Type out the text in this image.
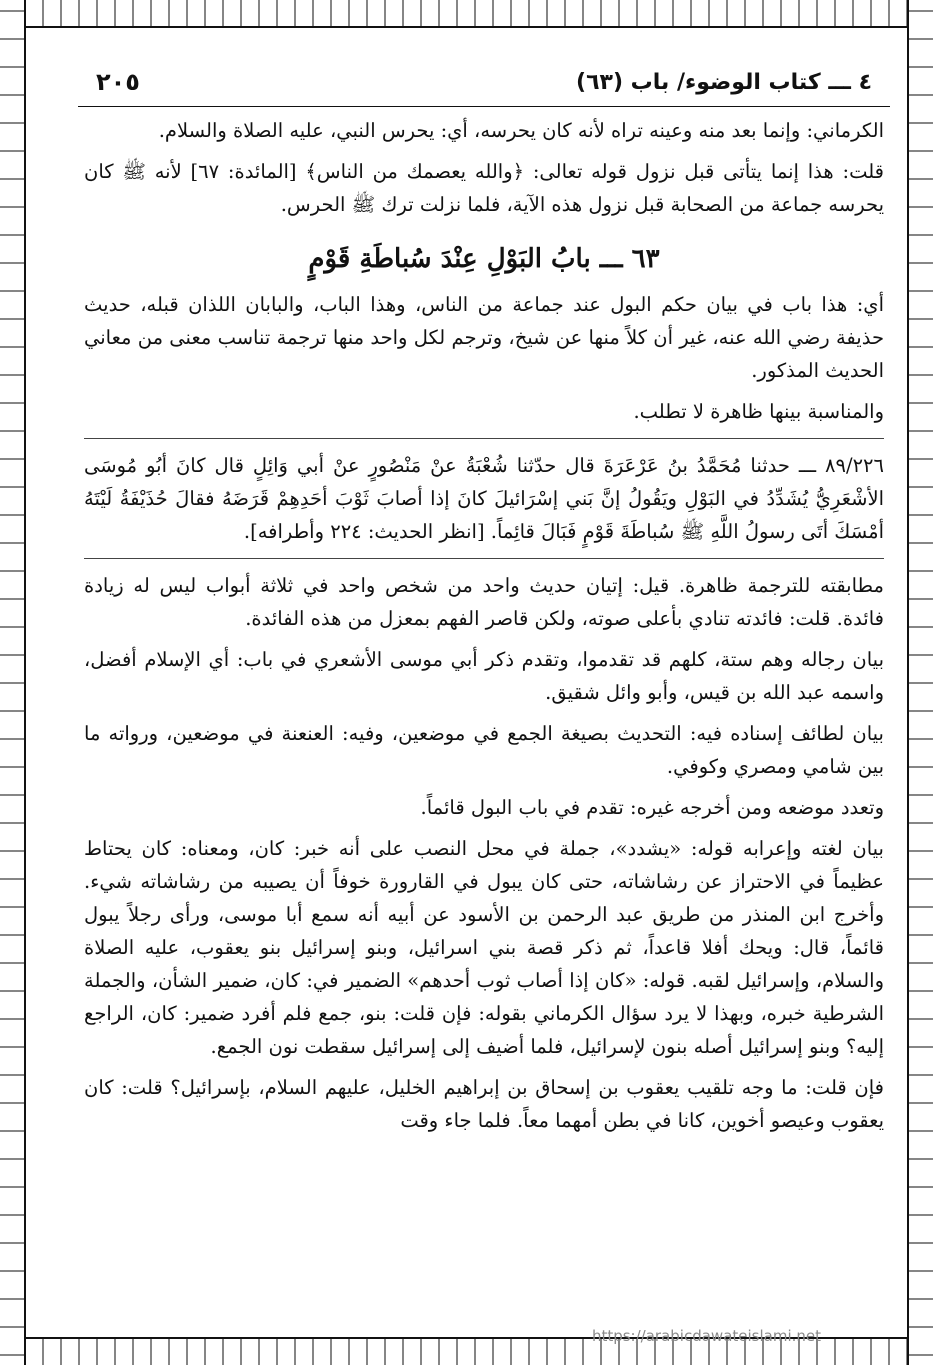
٢٠٥	٤ ـــ كتاب الوضوء/ باب (٦٣)

الكرماني: وإنما بعد منه وعينه تراه لأنه كان يحرسه، أي: يحرس النبي، عليه الصلاة والسلام.

قلت: هذا إنما يتأتى قبل نزول قوله تعالى: ﴿والله يعصمك من الناس﴾ [المائدة: ٦٧] لأنه ﷺ كان يحرسه جماعة من الصحابة قبل نزول هذه الآية، فلما نزلت ترك ﷺ الحرس.

٦٣ ـــ بابُ البَوْلِ عِنْدَ سُباطَةِ قَوْمٍ

أي: هذا باب في بيان حكم البول عند جماعة من الناس، وهذا الباب، والبابان اللذان قبله، حديث حذيفة رضي الله عنه، غير أن كلاً منها عن شيخ، وترجم لكل واحد منها ترجمة تناسب معنى من معاني الحديث المذكور.

والمناسبة بينها ظاهرة لا تطلب.

٨٩/٢٢٦ ـــ حدثنا مُحَمَّدُ بنُ عَرْعَرَةَ قال حدّثنا شُعْبَةُ عنْ مَنْصُورٍ عنْ أبي وَائِلٍ قال كانَ أبُو مُوسَى الأشْعَرِيُّ يُشَدِّدُ في البَوْلِ ويَقُولُ إنَّ بَني إسْرَائيلَ كانَ إذا أصابَ ثَوْبَ أحَدِهِمْ قَرَضَهُ فقالَ حُذَيْفَةُ لَيْتَهُ أمْسَكَ أتَى رسولُ اللَّهِ ﷺ سُباطَةَ قَوْمٍ فَبَالَ قائِماً. [انظر الحديث: ٢٢٤ وأطرافه].

مطابقته للترجمة ظاهرة. قيل: إتيان حديث واحد من شخص واحد في ثلاثة أبواب ليس له زيادة فائدة. قلت: فائدته تنادي بأعلى صوته، ولكن قاصر الفهم بمعزل من هذه الفائدة.

بيان رجاله وهم ستة، كلهم قد تقدموا، وتقدم ذكر أبي موسى الأشعري في باب: أي الإسلام أفضل، واسمه عبد الله بن قيس، وأبو وائل شقيق.

بيان لطائف إسناده فيه: التحديث بصيغة الجمع في موضعين، وفيه: العنعنة في موضعين، ورواته ما بين شامي ومصري وكوفي.

وتعدد موضعه ومن أخرجه غيره: تقدم في باب البول قائماً.

بيان لغته وإعرابه قوله: «يشدد»، جملة في محل النصب على أنه خبر: كان، ومعناه: كان يحتاط عظيماً في الاحتراز عن رشاشاته، حتى كان يبول في القارورة خوفاً أن يصيبه من رشاشاته شيء. وأخرج ابن المنذر من طريق عبد الرحمن بن الأسود عن أبيه أنه سمع أبا موسى، ورأى رجلاً يبول قائماً، قال: ويحك أفلا قاعداً، ثم ذكر قصة بني اسرائيل، وبنو إسرائيل بنو يعقوب، عليه الصلاة والسلام، وإسرائيل لقبه. قوله: «كان إذا أصاب ثوب أحدهم» الضمير في: كان، ضمير الشأن، والجملة الشرطية خبره، وبهذا لا يرد سؤال الكرماني بقوله: فإن قلت: بنو، جمع فلم أفرد ضمير: كان، الراجع إليه؟ وبنو إسرائيل أصله بنون لإسرائيل، فلما أضيف إلى إسرائيل سقطت نون الجمع.

فإن قلت: ما وجه تلقيب يعقوب بن إسحاق بن إبراهيم الخليل، عليهم السلام، بإسرائيل؟ قلت: كان يعقوب وعيصو أخوين، كانا في بطن أمهما معاً. فلما جاء وقت

https://arabicdawateislami.net
